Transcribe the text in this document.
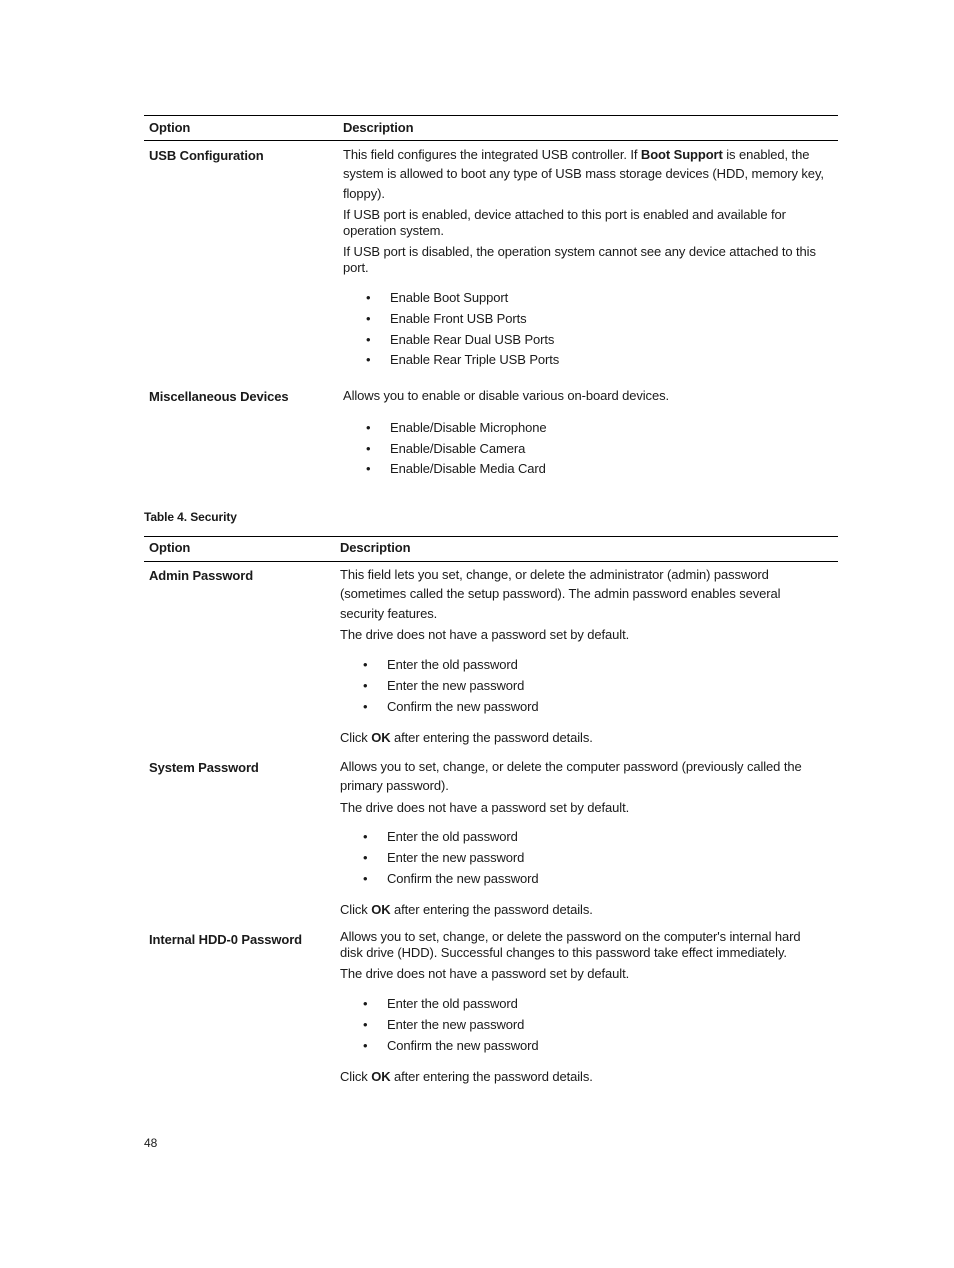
Option	Description
USB Configuration	This field configures the integrated USB controller. If Boot Support is enabled, the
system is allowed to boot any type of USB mass storage devices (HDD, memory key,
floppy).
If USB port is enabled, device attached to this port is enabled and available for
operation system.
If USB port is disabled, the operation system cannot see any device attached to this
port.
• Enable Boot Support
• Enable Front USB Ports
• Enable Rear Dual USB Ports
• Enable Rear Triple USB Ports
Miscellaneous Devices	Allows you to enable or disable various on-board devices.
• Enable/Disable Microphone
• Enable/Disable Camera
• Enable/Disable Media Card
Table 4. Security
Option	Description
Admin Password	This field lets you set, change, or delete the administrator (admin) password
(sometimes called the setup password). The admin password enables several
security features.
The drive does not have a password set by default.
• Enter the old password
• Enter the new password
• Confirm the new password
Click OK after entering the password details.
System Password	Allows you to set, change, or delete the computer password (previously called the
primary password).
The drive does not have a password set by default.
• Enter the old password
• Enter the new password
• Confirm the new password
Click OK after entering the password details.
Internal HDD-0 Password	Allows you to set, change, or delete the password on the computer's internal hard
disk drive (HDD). Successful changes to this password take effect immediately.
The drive does not have a password set by default.
• Enter the old password
• Enter the new password
• Confirm the new password
Click OK after entering the password details.
48
